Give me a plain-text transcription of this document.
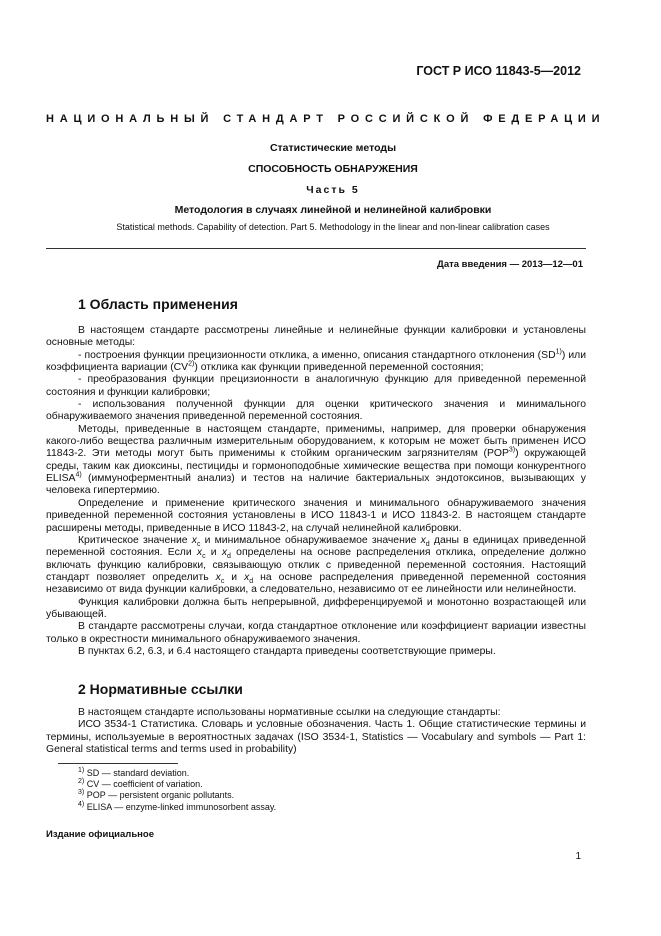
ГОСТ Р ИСО 11843-5—2012
НАЦИОНАЛЬНЫЙ СТАНДАРТ РОССИЙСКОЙ ФЕДЕРАЦИИ
Статистические методы
СПОСОБНОСТЬ ОБНАРУЖЕНИЯ
Часть 5
Методология в случаях линейной и нелинейной калибровки
Statistical methods. Capability of detection. Part 5. Methodology in the linear and non-linear calibration cases
Дата введения — 2013—12—01
1 Область применения
В настоящем стандарте рассмотрены линейные и нелинейные функции калибровки и установлены основные методы:
- построения функции прецизионности отклика, а именно, описания стандартного отклонения (SD$^{1)}$) или коэффициента вариации (CV$^{2)}$) отклика как функции приведенной переменной состояния;
- преобразования функции прецизионности в аналогичную функцию для приведенной переменной состояния и функции калибровки;
- использования полученной функции для оценки критического значения и минимального обнаруживаемого значения приведенной переменной состояния.
Методы, приведенные в настоящем стандарте, применимы, например, для проверки обнаружения какого-либо вещества различным измерительным оборудованием, к которым не может быть применен ИСО 11843-2. Эти методы могут быть применимы к стойким органическим загрязнителям (POP$^{3)}$) окружающей среды, таким как диоксины, пестициды и гормоноподобные химические вещества при помощи конкурентного ELISA$^{4)}$ (иммуноферментный анализ) и тестов на наличие бактериальных эндотоксинов, вызывающих у человека гипертермию.
Определение и применение критического значения и минимального обнаруживаемого значения приведенной переменной состояния установлены в ИСО 11843-1 и ИСО 11843-2. В настоящем стандарте расширены методы, приведенные в ИСО 11843-2, на случай нелинейной калибровки.
Критическое значение $x_c$ и минимальное обнаруживаемое значение $x_d$ даны в единицах приведенной переменной состояния. Если $x_c$ и $x_d$ определены на основе распределения отклика, определение должно включать функцию калибровки, связывающую отклик с приведенной переменной состояния. Настоящий стандарт позволяет определить $x_c$ и $x_d$ на основе распределения приведенной переменной состояния независимо от вида функции калибровки, а следовательно, независимо от ее линейности или нелинейности.
Функция калибровки должна быть непрерывной, дифференцируемой и монотонно возрастающей или убывающей.
В стандарте рассмотрены случаи, когда стандартное отклонение или коэффициент вариации известны только в окрестности минимального обнаруживаемого значения.
В пунктах 6.2, 6.3, и 6.4 настоящего стандарта приведены соответствующие примеры.
2 Нормативные ссылки
В настоящем стандарте использованы нормативные ссылки на следующие стандарты:
ИСО 3534-1 Статистика. Словарь и условные обозначения. Часть 1. Общие статистические термины и термины, используемые в вероятностных задачах (ISO 3534-1, Statistics — Vocabulary and symbols — Part 1: General statistical terms and terms used in probability)
$^{1)}$ SD — standard deviation.
$^{2)}$ CV — coefficient of variation.
$^{3)}$ POP — persistent organic pollutants.
$^{4)}$ ELISA — enzyme-linked immunosorbent assay.
Издание официальное
1
